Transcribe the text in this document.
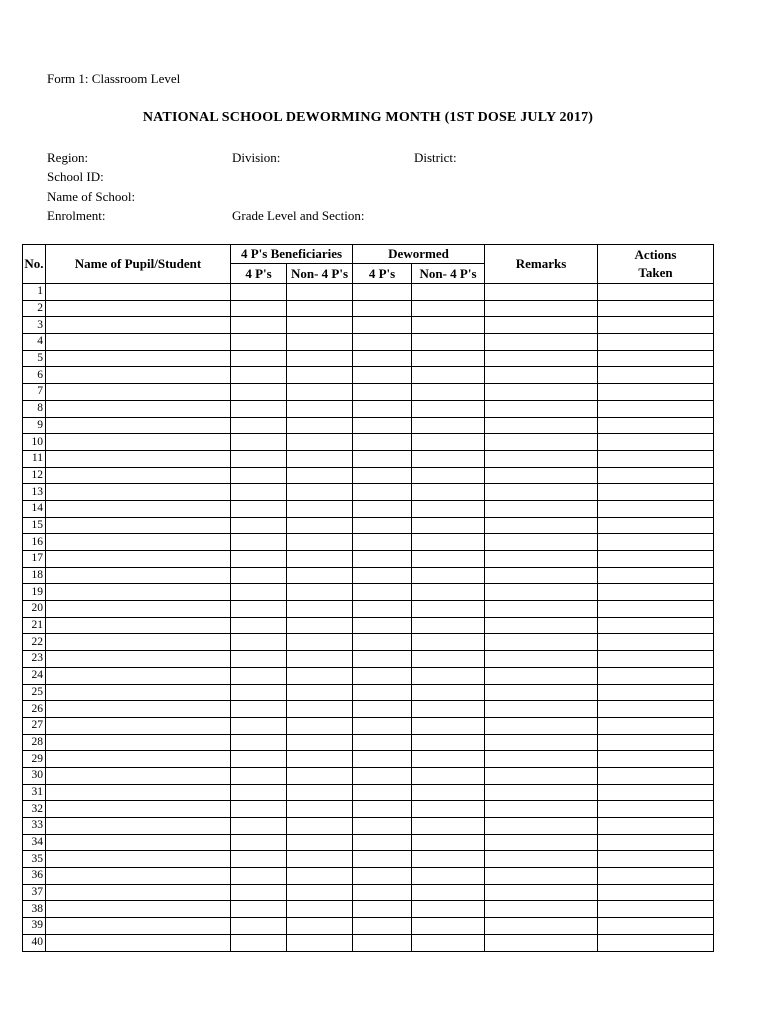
Form 1: Classroom Level
NATIONAL SCHOOL DEWORMING MONTH (1ST DOSE JULY 2017)
Region:	Division:	District:
School ID:
Name of School:
Enrolment:	Grade Level and Section:
No.	Name of Pupil/Student	4 P's Beneficiaries		Dewormed		Remarks	Actions
Taken
		4 P's	Non- 4 P's	4 P's	Non- 4 P's		
1							
2							
3							
4							
5							
6							
7							
8							
9							
10							
11							
12							
13							
14							
15							
16							
17							
18							
19							
20							
21							
22							
23							
24							
25							
26							
27							
28							
29							
30							
31							
32							
33							
34							
35							
36							
37							
38							
39							
40							
